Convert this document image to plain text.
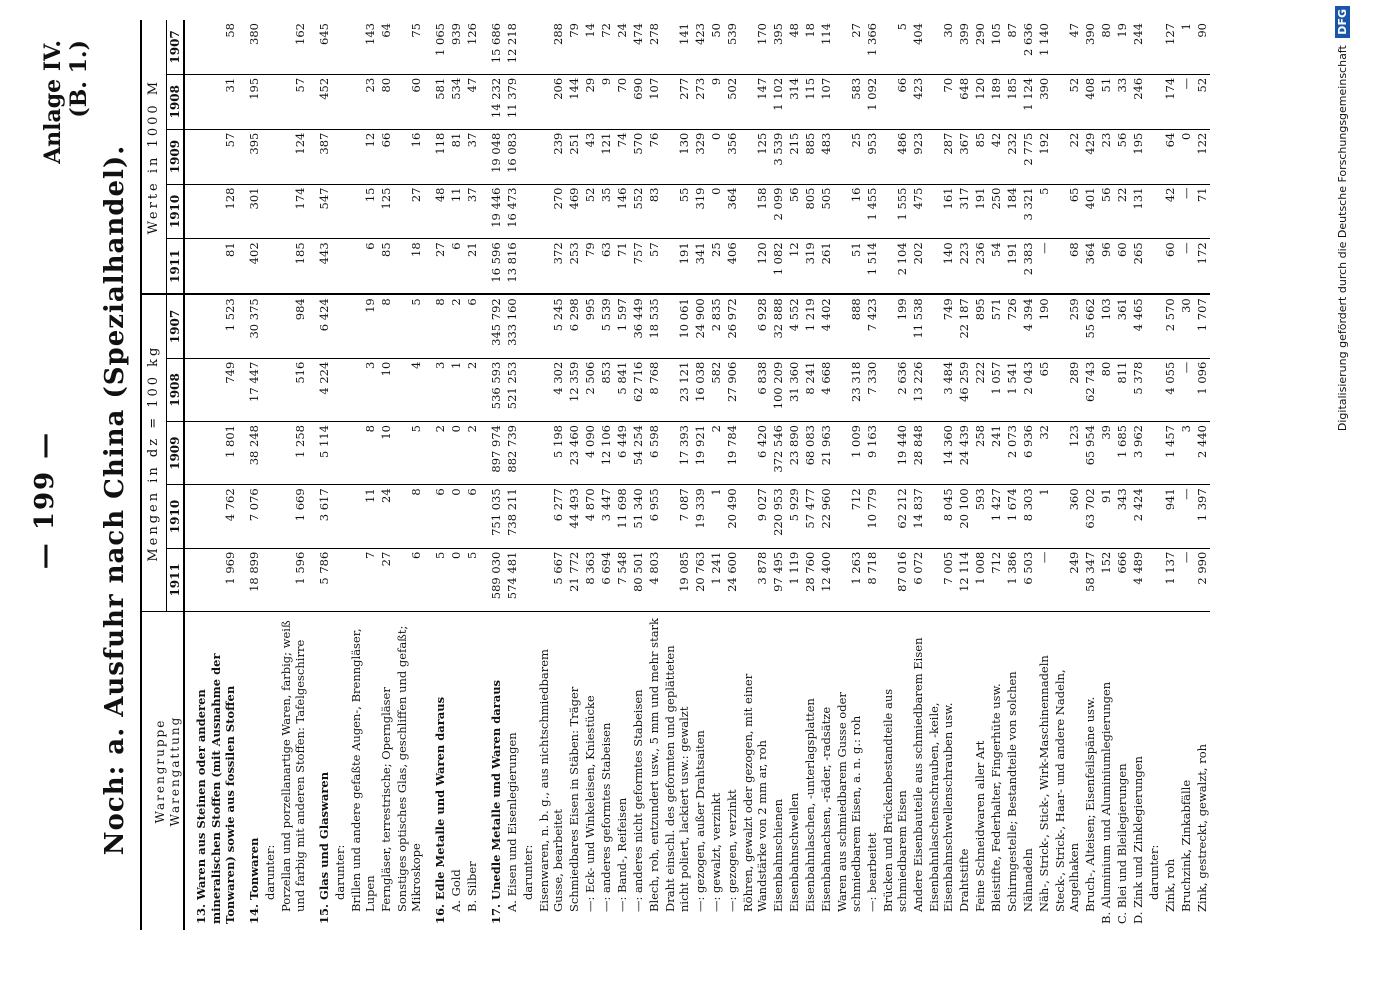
— 199 —
Anlage IV. (B. 1.)
Noch: a. Ausfuhr nach China (Spezialhandel). Warengruppe Warengattung	Mengen in dz = 100 kg					Werte in 1000 M				
	1911	1910	1909	1908	1907	1911	1910	1909	1908	1907
13. Waren aus Steinen oder anderen mineralischen Stoffen (mit Ausnahme der Tonwaren) sowie aus fossilen Stoffen	1 969	4 762	1 801	749	1 523	81	128	57	31	58
14. Tonwaren	18 899	7 076	38 248	17 447	30 375	402	301	395	195	380
darunter:										
Porzellan und porzellanartige Waren, farbig; weiß und farbig mit anderen Stoffen: Tafelgeschirre	1 596	1 669	1 258	516	984	185	174	124	57	162
15. Glas und Glaswaren	5 786	3 617	5 114	4 224	6 424	443	547	387	452	645
darunter:										
Brillen und andere gefaßte Augen-, Brenngläser, Lupen	7	11	8	3	19	6	15	12	23	143
Ferngläser, terrestrische; Operngläser	27	24	10	10	8	85	125	66	80	64
Sonstiges optisches Glas, geschliffen und gefaßt; Mikroskope	6	8	5	4	5	18	27	16	60	75
16. Edle Metalle und Waren daraus	5	6	2	3	8	27	48	118	581	1 065
A. Gold	0	0	0	1	2	6	11	81	534	939
B. Silber	5	6	2	2	6	21	37	37	47	126
17. Unedle Metalle und Waren daraus	589 030	751 035	897 974	536 593	345 792	16 596	19 446	19 048	14 232	15 686
A. Eisen und Eisenlegierungen	574 481	738 211	882 739	521 253	333 160	13 816	16 473	16 083	11 379	12 218
darunter:										
Eisenwaren, n. b. g., aus nichtschmiedbarem Gusse, bearbeitet	5 667	6 277	5 198	4 302	5 245	372	270	239	206	288
Schmiedbares Eisen in Stäben: Träger	21 772	44 493	23 460	12 359	6 298	253	469	251	144	79
—: Eck- und Winkeleisen, Kniestücke	8 363	4 870	4 090	2 506	995	79	52	43	29	14
—: anderes geformtes Stabeisen	6 694	3 447	12 106	853	5 539	63	35	121	9	72
—: Band-, Reifeisen	7 548	11 698	6 449	5 841	1 597	71	146	74	70	24
—: anderes nicht geformtes Stabeisen	80 501	51 340	54 254	62 716	36 449	757	552	570	690	474
Blech, roh, entzundert usw., 5 mm und mehr stark	4 803	6 955	6 598	8 768	18 535	57	83	76	107	278
Draht einschl. des geformten und geplätteten nicht poliert, lackiert usw.: gewalzt	19 085	7 087	17 393	23 121	10 061	191	55	130	277	141
—: gezogen, außer Drahtsaiten	20 763	19 339	19 921	16 038	24 900	341	319	329	273	423
—: gewalzt, verzinkt	1 241	1	2	582	2 835	25	0	0	9	50
—: gezogen, verzinkt	24 600	20 490	19 784	27 906	26 972	406	364	356	502	539
Röhren, gewalzt oder gezogen, mit einer Wandstärke von 2 mm ar, roh	3 878	9 027	6 420	6 838	6 928	120	158	125	147	170
Eisenbahnschienen	97 495	220 953	372 546	100 209	32 888	1 082	2 099	3 539	1 102	395
Eisenbahnschwellen	1 119	5 929	23 890	31 360	4 552	12	56	215	314	48
Eisenbahnlaschen, -unterlagsplatten	28 760	57 477	68 083	8 241	1 219	319	805	885	115	18
Eisenbahnachsen, -räder, -radsätze	12 400	22 960	21 963	4 668	4 402	261	505	483	107	114
Waren aus schmiedbarem Gusse oder schmiedbarem Eisen, a. n. g.: roh	1 263	712	1 009	23 318	888	51	16	25	583	27
—: bearbeitet	8 718	10 779	9 163	7 330	7 423	1 514	1 455	953	1 092	1 366
Brücken und Brückenbestandteile aus schmiedbarem Eisen	87 016	62 212	19 440	2 636	199	2 104	1 555	486	66	5
Andere Eisenbauteile aus schmiedbarem Eisen	6 072	14 837	28 848	13 226	11 538	202	475	923	423	404
Eisenbahnlaschenschrauben, -keile, Eisenbahnschwellenschrauben usw.	7 005	8 045	14 360	3 484	749	140	161	287	70	30
Drahtstifte	12 114	20 100	24 439	46 259	22 187	223	317	367	648	399
Feine Schneidwaren aller Art	1 008	593	258	222	895	236	191	85	120	290
Bleistifte, Federhalter, Fingerhüte usw.	712	1 427	241	1 057	571	54	250	42	189	105
Schirmgestelle; Bestandteile von solchen	1 386	1 674	2 073	1 541	726	191	184	232	185	87
Nähnadeln	6 503	8 303	6 936	2 043	4 394	2 383	3 321	2 775	1 124	2 636
Näh-, Strick-, Stick-, Wirk-Maschinennadeln	—	1	32	65	190	—	5	192	390	1 140
Steck-, Strick-, Haar- und andere Nadeln, Angelhaken	249	360	123	289	259	68	65	22	52	47
Bruch-, Alteisen; Eisenfeilspäne usw.	58 347	63 702	65 954	62 743	55 662	364	401	429	408	390
B. Aluminium und Aluminiumlegierungen	152	91	39	80	103	96	56	23	51	80
C. Blei und Bleilegierungen	666	343	1 685	811	361	60	22	56	33	19
D. Zink und Zinklegierungen	4 489	2 424	3 962	5 378	4 465	265	131	195	246	244
darunter:										
Zink, roh	1 137	941	1 457	4 055	2 570	60	42	64	174	127
Bruchzink, Zinkabfälle	—	—	3	—	30	—	—	0	—	1
Zink, gestreckt, gewalzt, roh	2 990	1 397	2 440	1 096	1 707	172	71	122	52	90
Digitalisierung gefördert durch die Deutsche Forschungsgemeinschaft DFG
